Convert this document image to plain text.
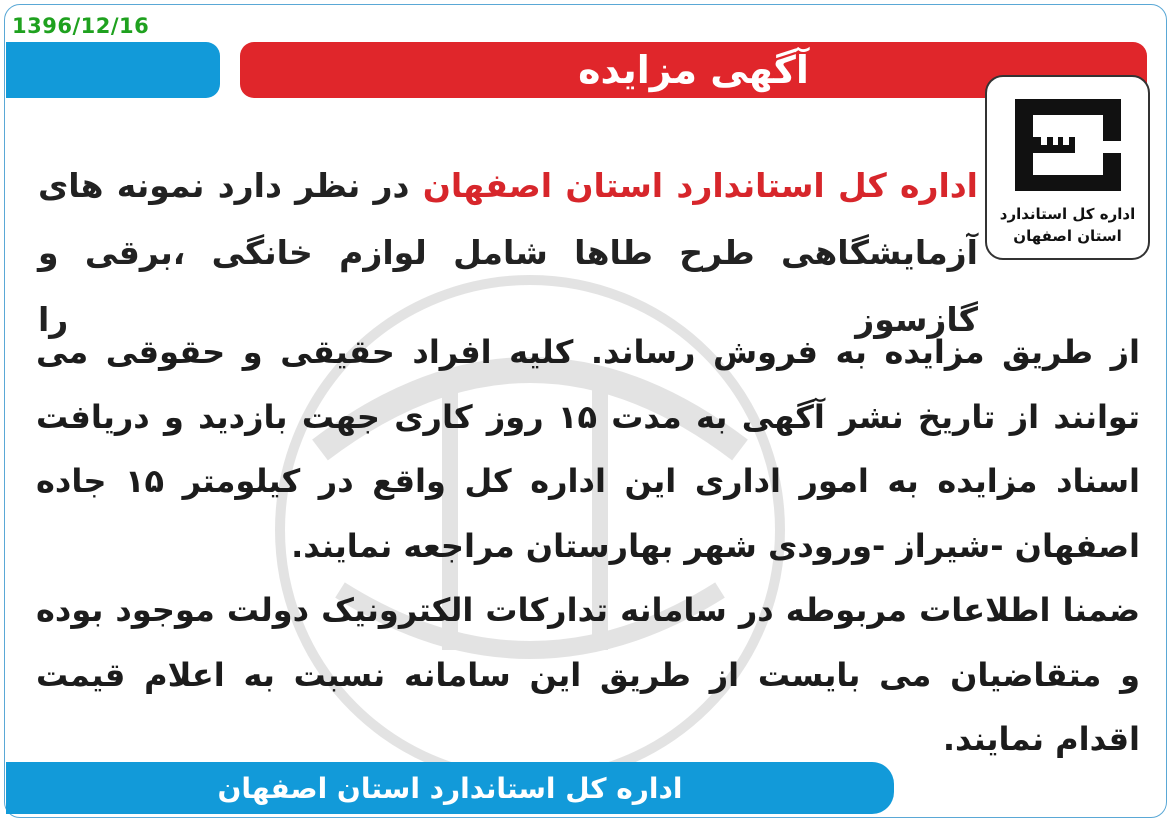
1396/12/16
آگهی مزایده
اداره کل استاندارد
استان اصفهان
اداره کل استاندارد استان اصفهان در نظر دارد نمونه های آزمایشگاهی طرح طاها شامل لوازم خانگی ،برقی و گازسوز را

از طریق مزایده به فروش رساند. کلیه افراد حقیقی و حقوقی می توانند از تاریخ نشر آگهی به مدت ۱۵ روز کاری جهت بازدید و دریافت اسناد مزایده به امور اداری این اداره کل واقع در کیلومتر ۱۵ جاده اصفهان -شیراز -ورودی شهر بهارستان مراجعه نمایند.

ضمنا اطلاعات مربوطه در سامانه تدارکات الکترونیک دولت موجود بوده و متقاضیان می بایست از طریق این سامانه نسبت به اعلام قیمت اقدام نمایند.

اداره کل استاندارد استان اصفهان
